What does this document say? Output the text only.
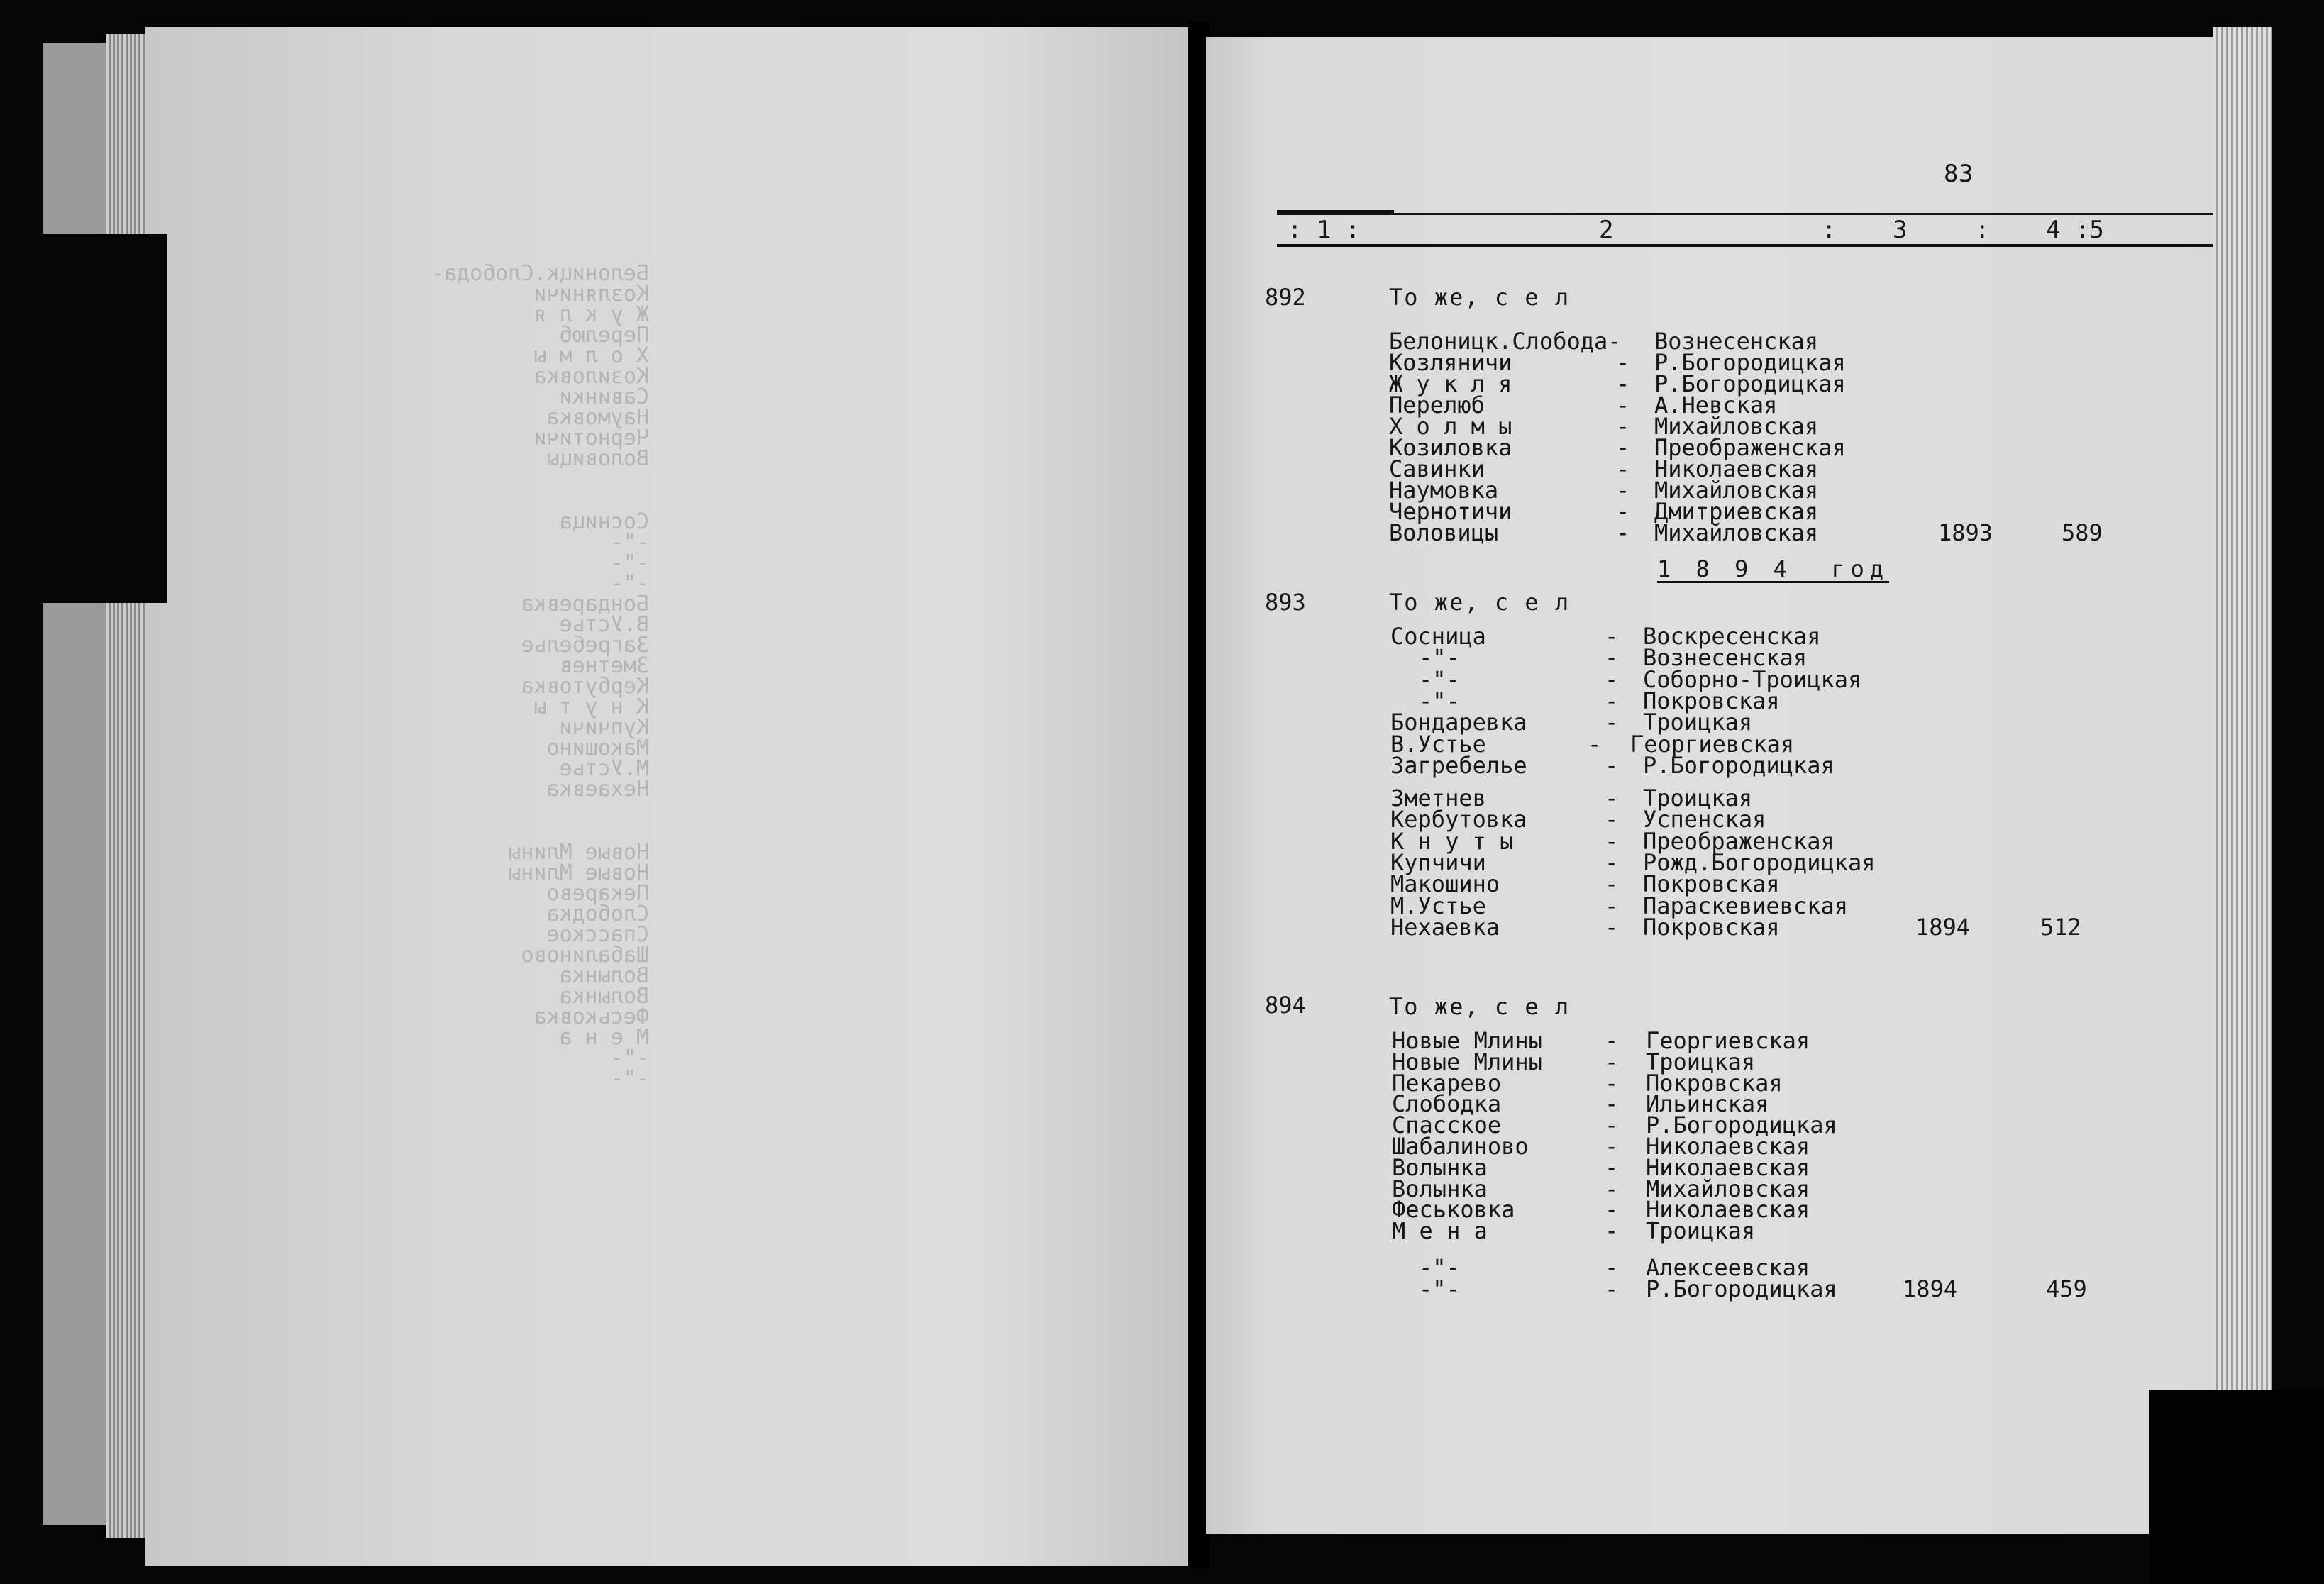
Белоницк.Слобода-
Козляничи
Ж у к л я
Перелюб
Х о л м ы
Козиловка
Савинки
Наумовка
Чернотичи
Воловицы
Сосница
-"-
-"-
-"-
Бондаревка
В.Устье
Загребелье
Зметнев
Кербутовка
К н у т ы
Купчичи
Макошино
М.Устье
Нехаевка
Новые Млины
Новые Млины
Пекарево
Слободка
Спасское
Шабалиново
Волынка
Волынка
Феськовка
М е н а
-"-
-"-
83
: 1 :	2	: 3	: 4 :5
892	То же, с е л
Белоницк.Слобода- Вознесенская
Козляничи	- Р.Богородицкая
Ж у к л я	- Р.Богородицкая
Перелюб	- А.Невская
Х о л м ы	- Михайловская
Козиловка	- Преображенская
Савинки	- Николаевская
Наумовка	- Михайловская
Чернотичи	- Дмитриевская
Воловицы	- Михайловская	1893	589
893	То же, с е л
Сосница	- Воскресенская
-"-	- Вознесенская
-"-	- Соборно-Троицкая
-"-	- Покровская
Бондаревка	- Троицкая
В.Устье	- Георгиевская
Загребелье	- Р.Богородицкая
Зметнев	- Троицкая
Кербутовка	- Успенская
К н у т ы	- Преображенская
Купчичи	- Рожд.Богородицкая
Макошино	- Покровская
М.Устье	- Параскевиевская
Нехаевка	- Покровская	1894	512
894	То же, с е л
Новые Млины	- Георгиевская
Новые Млины	- Троицкая
Пекарево	- Покровская
Слободка	- Ильинская
Спасское	- Р.Богородицкая
Шабалиново	- Николаевская
Волынка	- Николаевская
Волынка	- Михайловская
Феськовка	- Николаевская
М е н а	- Троицкая
-"-	- Алексеевская
-"-	- Р.Богородицкая	1894	459
1 8 9 4  год
